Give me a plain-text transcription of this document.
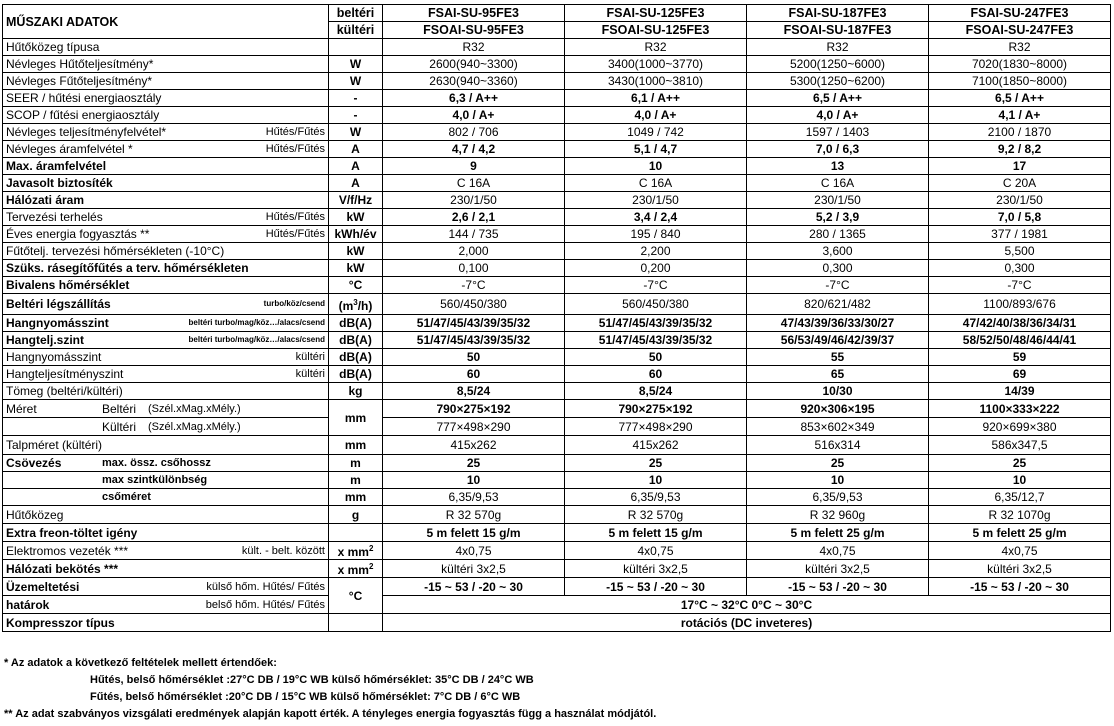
MŰSZAKI ADATOK	beltéri	FSAI-SU-95FE3	FSAI-SU-125FE3	FSAI-SU-187FE3	FSAI-SU-247FE3
	kültéri	FSOAI-SU-95FE3	FSOAI-SU-125FE3	FSOAI-SU-187FE3	FSOAI-SU-247FE3
Hűtőközeg típusa		R32	R32	R32	R32
Névleges Hűtőteljesítmény*	W	2600(940~3300)	3400(1000~3770)	5200(1250~6000)	7020(1830~8000)
Névleges Fűtőteljesítmény*	W	2630(940~3360)	3430(1000~3810)	5300(1250~6200)	7100(1850~8000)
SEER / hűtési energiaosztály	-	6,3 / A++	6,1 / A++	6,5 / A++	6,5 / A++
SCOP / fűtési energiaosztály	-	4,0 / A+	4,0 / A+	4,0 / A+	4,1 / A+

Névleges teljesítményfelvétel* Hűtés/Fűtés	W	802 / 706	1049 / 742	1597 / 1403	2100 / 1870

Névleges áramfelvétel * Hűtés/Fűtés	A	4,7 / 4,2	5,1 / 4,7	7,0 / 6,3	9,2 / 8,2
Max. áramfelvétel	A	9	10	13	17
Javasolt biztosíték	A	C 16A	C 16A	C 16A	C 20A
Hálózati áram	V/f/Hz	230/1/50	230/1/50	230/1/50	230/1/50

Tervezési terhelés Hűtés/Fűtés	kW	2,6 / 2,1	3,4 / 2,4	5,2 / 3,9	7,0 / 5,8

Éves energia fogyasztás ** Hűtés/Fűtés	kWh/év	144 / 735	195 / 840	280 / 1365	377 / 1981
Fűtőtelj. tervezési hőmérsékleten (-10°C)	kW	2,000	2,200	3,600	5,500
Szüks. rásegítőfűtés a terv. hőmérsékleten	kW	0,100	0,200	0,300	0,300
Bivalens hőmérséklet	°C	-7°C	-7°C	-7°C	-7°C

Beltéri légszállítás turbo/köz/csend	$(m^3/h)$	560/450/380	560/450/380	820/621/482	1100/893/676

Hangnyomásszint beltéri turbo/mag/köz…/alacs/csend	dB(A)	51/47/45/43/39/35/32	51/47/45/43/39/35/32	47/43/39/36/33/30/27	47/42/40/38/36/34/31

Hangtelj.szint beltéri turbo/mag/köz…/alacs/csend	dB(A)	51/47/45/43/39/35/32	51/47/45/43/39/35/32	56/53/49/46/42/39/37	58/52/50/48/46/44/41

Hangnyomásszint kültéri	dB(A)	50	50	55	59

Hangteljesítményszint kültéri	dB(A)	60	60	65	69
Tömeg (beltéri/kültéri)	kg	8,5/24	8,5/24	10/30	14/39

Méret Beltéri (Szél.xMag.xMély.)	mm	790×275×192	790×275×192	920×306×195	1100×333×222

Kültéri (Szél.xMag.xMély.)		777×498×290	777×498×290	853×602×349	920×699×380
Talpméret (kültéri)	mm	415x262	415x262	516x314	586x347,5

Csövezés max. össz. csőhossz	m	25	25	25	25

max szintkülönbség	m	10	10	10	10

csőméret	mm	6,35/9,53	6,35/9,53	6,35/9,53	6,35/12,7
Hűtőközeg	g	R 32 570g	R 32 570g	R 32 960g	R 32 1070g
Extra freon-töltet igény		5 m felett 15 g/m	5 m felett 15 g/m	5 m felett 25 g/m	5 m felett 25 g/m

Elektromos vezeték *** kült. - belt. között	x $mm^2$	4x0,75	4x0,75	4x0,75	4x0,75
Hálózati bekötés ***	x $mm^2$	kültéri 3x2,5	kültéri 3x2,5	kültéri 3x2,5	kültéri 3x2,5

Üzemeltetési külső hőm. Hűtés/ Fűtés	°C	-15 ~ 53 / -20 ~ 30	-15 ~ 53 / -20 ~ 30	-15 ~ 53 / -20 ~ 30	-15 ~ 53 / -20 ~ 30

határok belső hőm. Hűtés/ Fűtés		17°C ~ 32°C 0°C ~ 30°C			
Kompresszor típus		rotációs (DC inveteres)			
* Az adatok a következő feltételek mellett értendőek:
Hűtés, belső hőmérséklet :27°C DB / 19°C WB külső hőmérséklet: 35°C DB / 24°C WB
Fűtés, belső hőmérséklet :20°C DB / 15°C WB külső hőmérséklet: 7°C DB / 6°C WB
** Az adat szabványos vizsgálati eredmények alapján kapott érték. A tényleges energia fogyasztás függ a használat módjától.
